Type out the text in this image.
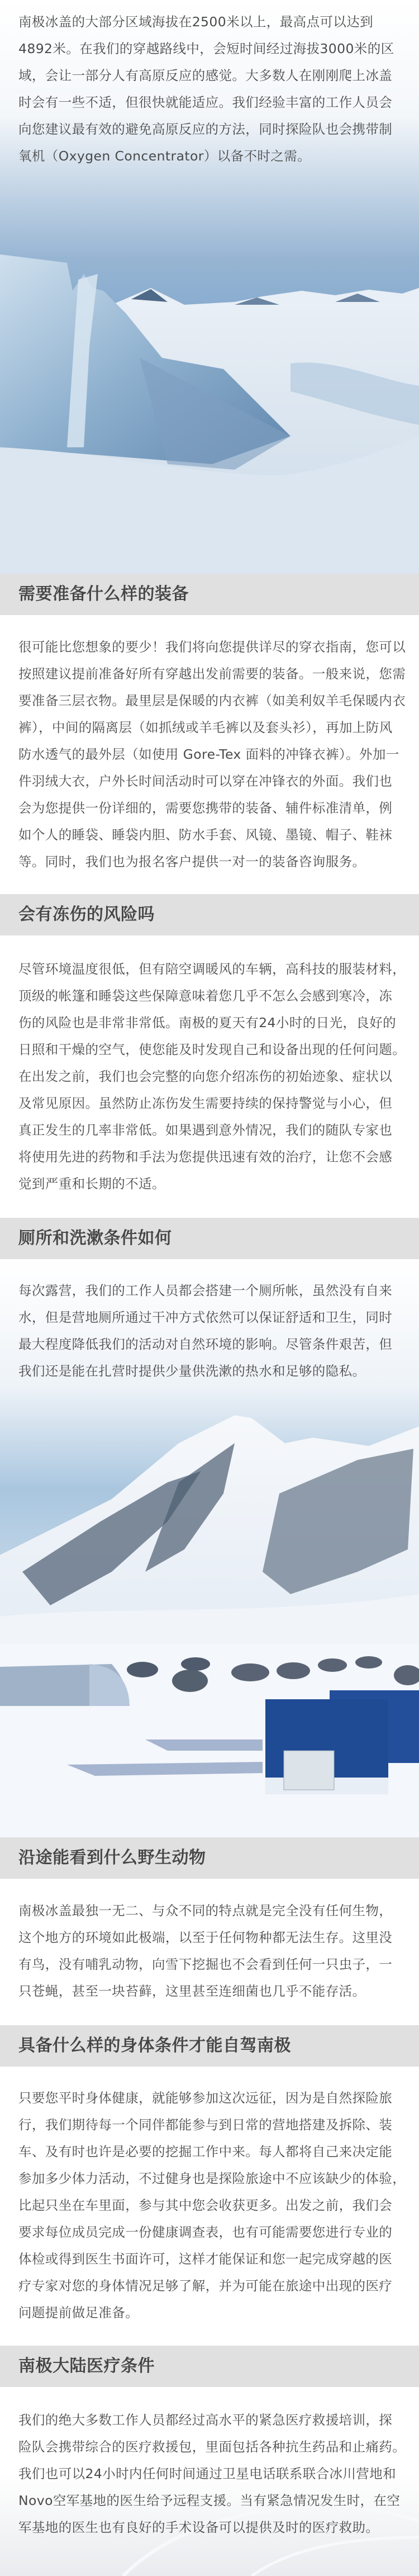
南极冰盖的大部分区域海拔在2500米以上，最高点可以达到
4892米。在我们的穿越路线中，会短时间经过海拔3000米的区
域，会让一部分人有高原反应的感觉。大多数人在刚刚爬上冰盖
时会有一些不适，但很快就能适应。我们经验丰富的工作人员会
向您建议最有效的避免高原反应的方法，同时探险队也会携带制
氧机（Oxygen Concentrator）以备不时之需。
需要准备什么样的装备
很可能比您想象的要少！我们将向您提供详尽的穿衣指南，您可以
按照建议提前准备好所有穿越出发前需要的装备。一般来说，您需
要准备三层衣物。最里层是保暖的内衣裤（如美利奴羊毛保暖内衣
裤），中间的隔离层（如抓绒或羊毛裤以及套头衫），再加上防风
防水透气的最外层（如使用 Gore-Tex 面料的冲锋衣裤）。外加一
件羽绒大衣，户外长时间活动时可以穿在冲锋衣的外面。我们也
会为您提供一份详细的，需要您携带的装备、辅件标准清单，例
如个人的睡袋、睡袋内胆、防水手套、风镜、墨镜、帽子、鞋袜
等。同时，我们也为报名客户提供一对一的装备咨询服务。
会有冻伤的风险吗
尽管环境温度很低，但有陪空调暖风的车辆，高科技的服装材料，
顶级的帐篷和睡袋这些保障意味着您几乎不怎么会感到寒冷，冻
伤的风险也是非常非常低。南极的夏天有24小时的日光，良好的
日照和干燥的空气，使您能及时发现自己和设备出现的任何问题。
在出发之前，我们也会完整的向您介绍冻伤的初始迹象、症状以
及常见原因。虽然防止冻伤发生需要持续的保持警觉与小心，但
真正发生的几率非常低。如果遇到意外情况，我们的随队专家也
将使用先进的药物和手法为您提供迅速有效的治疗，让您不会感
觉到严重和长期的不适。
厕所和洗漱条件如何
每次露营，我们的工作人员都会搭建一个厕所帐，虽然没有自来
水，但是营地厕所通过干冲方式依然可以保证舒适和卫生，同时
最大程度降低我们的活动对自然环境的影响。尽管条件艰苦，但
我们还是能在扎营时提供少量供洗漱的热水和足够的隐私。
沿途能看到什么野生动物
南极冰盖最独一无二、与众不同的特点就是完全没有任何生物，
这个地方的环境如此极端，以至于任何物种都无法生存。这里没
有鸟，没有哺乳动物，向雪下挖掘也不会看到任何一只虫子，一
只苍蝇，甚至一块苔藓，这里甚至连细菌也几乎不能存活。
具备什么样的身体条件才能自驾南极
只要您平时身体健康，就能够参加这次远征，因为是自然探险旅
行，我们期待每一个同伴都能参与到日常的营地搭建及拆除、装
车、及有时也许是必要的挖掘工作中来。每人都将自己来决定能
参加多少体力活动，不过健身也是探险旅途中不应该缺少的体验，
比起只坐在车里面，参与其中您会收获更多。出发之前，我们会
要求每位成员完成一份健康调查表，也有可能需要您进行专业的
体检或得到医生书面许可，这样才能保证和您一起完成穿越的医
疗专家对您的身体情况足够了解，并为可能在旅途中出现的医疗
问题提前做足准备。
南极大陆医疗条件
我们的绝大多数工作人员都经过高水平的紧急医疗救援培训，探
险队会携带综合的医疗救援包，里面包括各种抗生药品和止痛药。
我们也可以24小时内任何时间通过卫星电话联系联合冰川营地和
Novo空军基地的医生给予远程支援。当有紧急情况发生时，在空
军基地的医生也有良好的手术设备可以提供及时的医疗救助。
